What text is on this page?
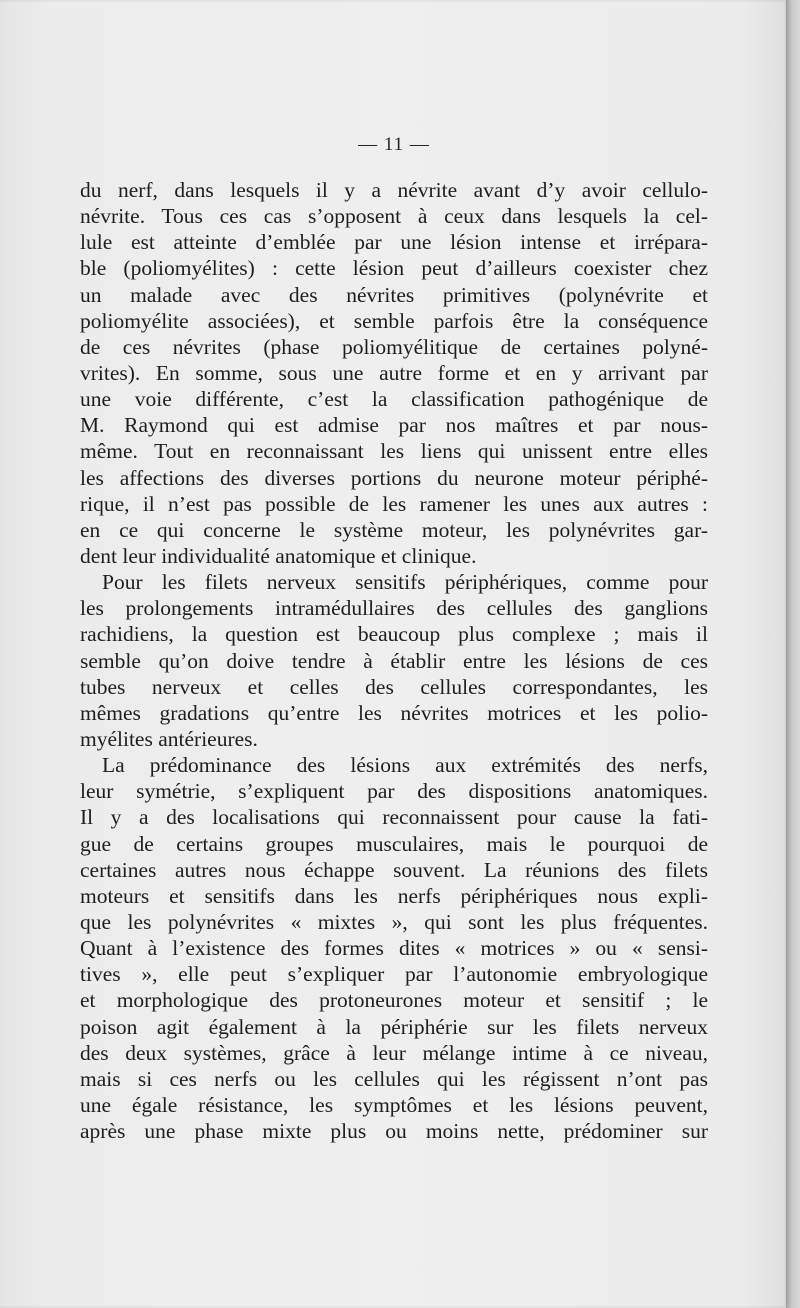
— 11 —
du nerf, dans lesquels il y a névrite avant d’y avoir cellulo-
névrite. Tous ces cas s’opposent à ceux dans lesquels la cel-
lule est atteinte d’emblée par une lésion intense et irrépara-
ble (poliomyélites) : cette lésion peut d’ailleurs coexister chez
un malade avec des névrites primitives (polynévrite et
poliomyélite associées), et semble parfois être la conséquence
de ces névrites (phase poliomyélitique de certaines polyné-
vrites). En somme, sous une autre forme et en y arrivant par
une voie différente, c’est la classification pathogénique de
M. Raymond qui est admise par nos maîtres et par nous-
même. Tout en reconnaissant les liens qui unissent entre elles
les affections des diverses portions du neurone moteur périphé-
rique, il n’est pas possible de les ramener les unes aux autres :
en ce qui concerne le système moteur, les polynévrites gar-
dent leur individualité anatomique et clinique.
Pour les filets nerveux sensitifs périphériques, comme pour
les prolongements intramédullaires des cellules des ganglions
rachidiens, la question est beaucoup plus complexe ; mais il
semble qu’on doive tendre à établir entre les lésions de ces
tubes nerveux et celles des cellules correspondantes, les
mêmes gradations qu’entre les névrites motrices et les polio-
myélites antérieures.
La prédominance des lésions aux extrémités des nerfs,
leur symétrie, s’expliquent par des dispositions anatomiques.
Il y a des localisations qui reconnaissent pour cause la fati-
gue de certains groupes musculaires, mais le pourquoi de
certaines autres nous échappe souvent. La réunions des filets
moteurs et sensitifs dans les nerfs périphériques nous expli-
que les polynévrites « mixtes », qui sont les plus fréquentes.
Quant à l’existence des formes dites « motrices » ou « sensi-
tives », elle peut s’expliquer par l’autonomie embryologique
et morphologique des protoneurones moteur et sensitif ; le
poison agit également à la périphérie sur les filets nerveux
des deux systèmes, grâce à leur mélange intime à ce niveau,
mais si ces nerfs ou les cellules qui les régissent n’ont pas
une égale résistance, les symptômes et les lésions peuvent,
après une phase mixte plus ou moins nette, prédominer sur
